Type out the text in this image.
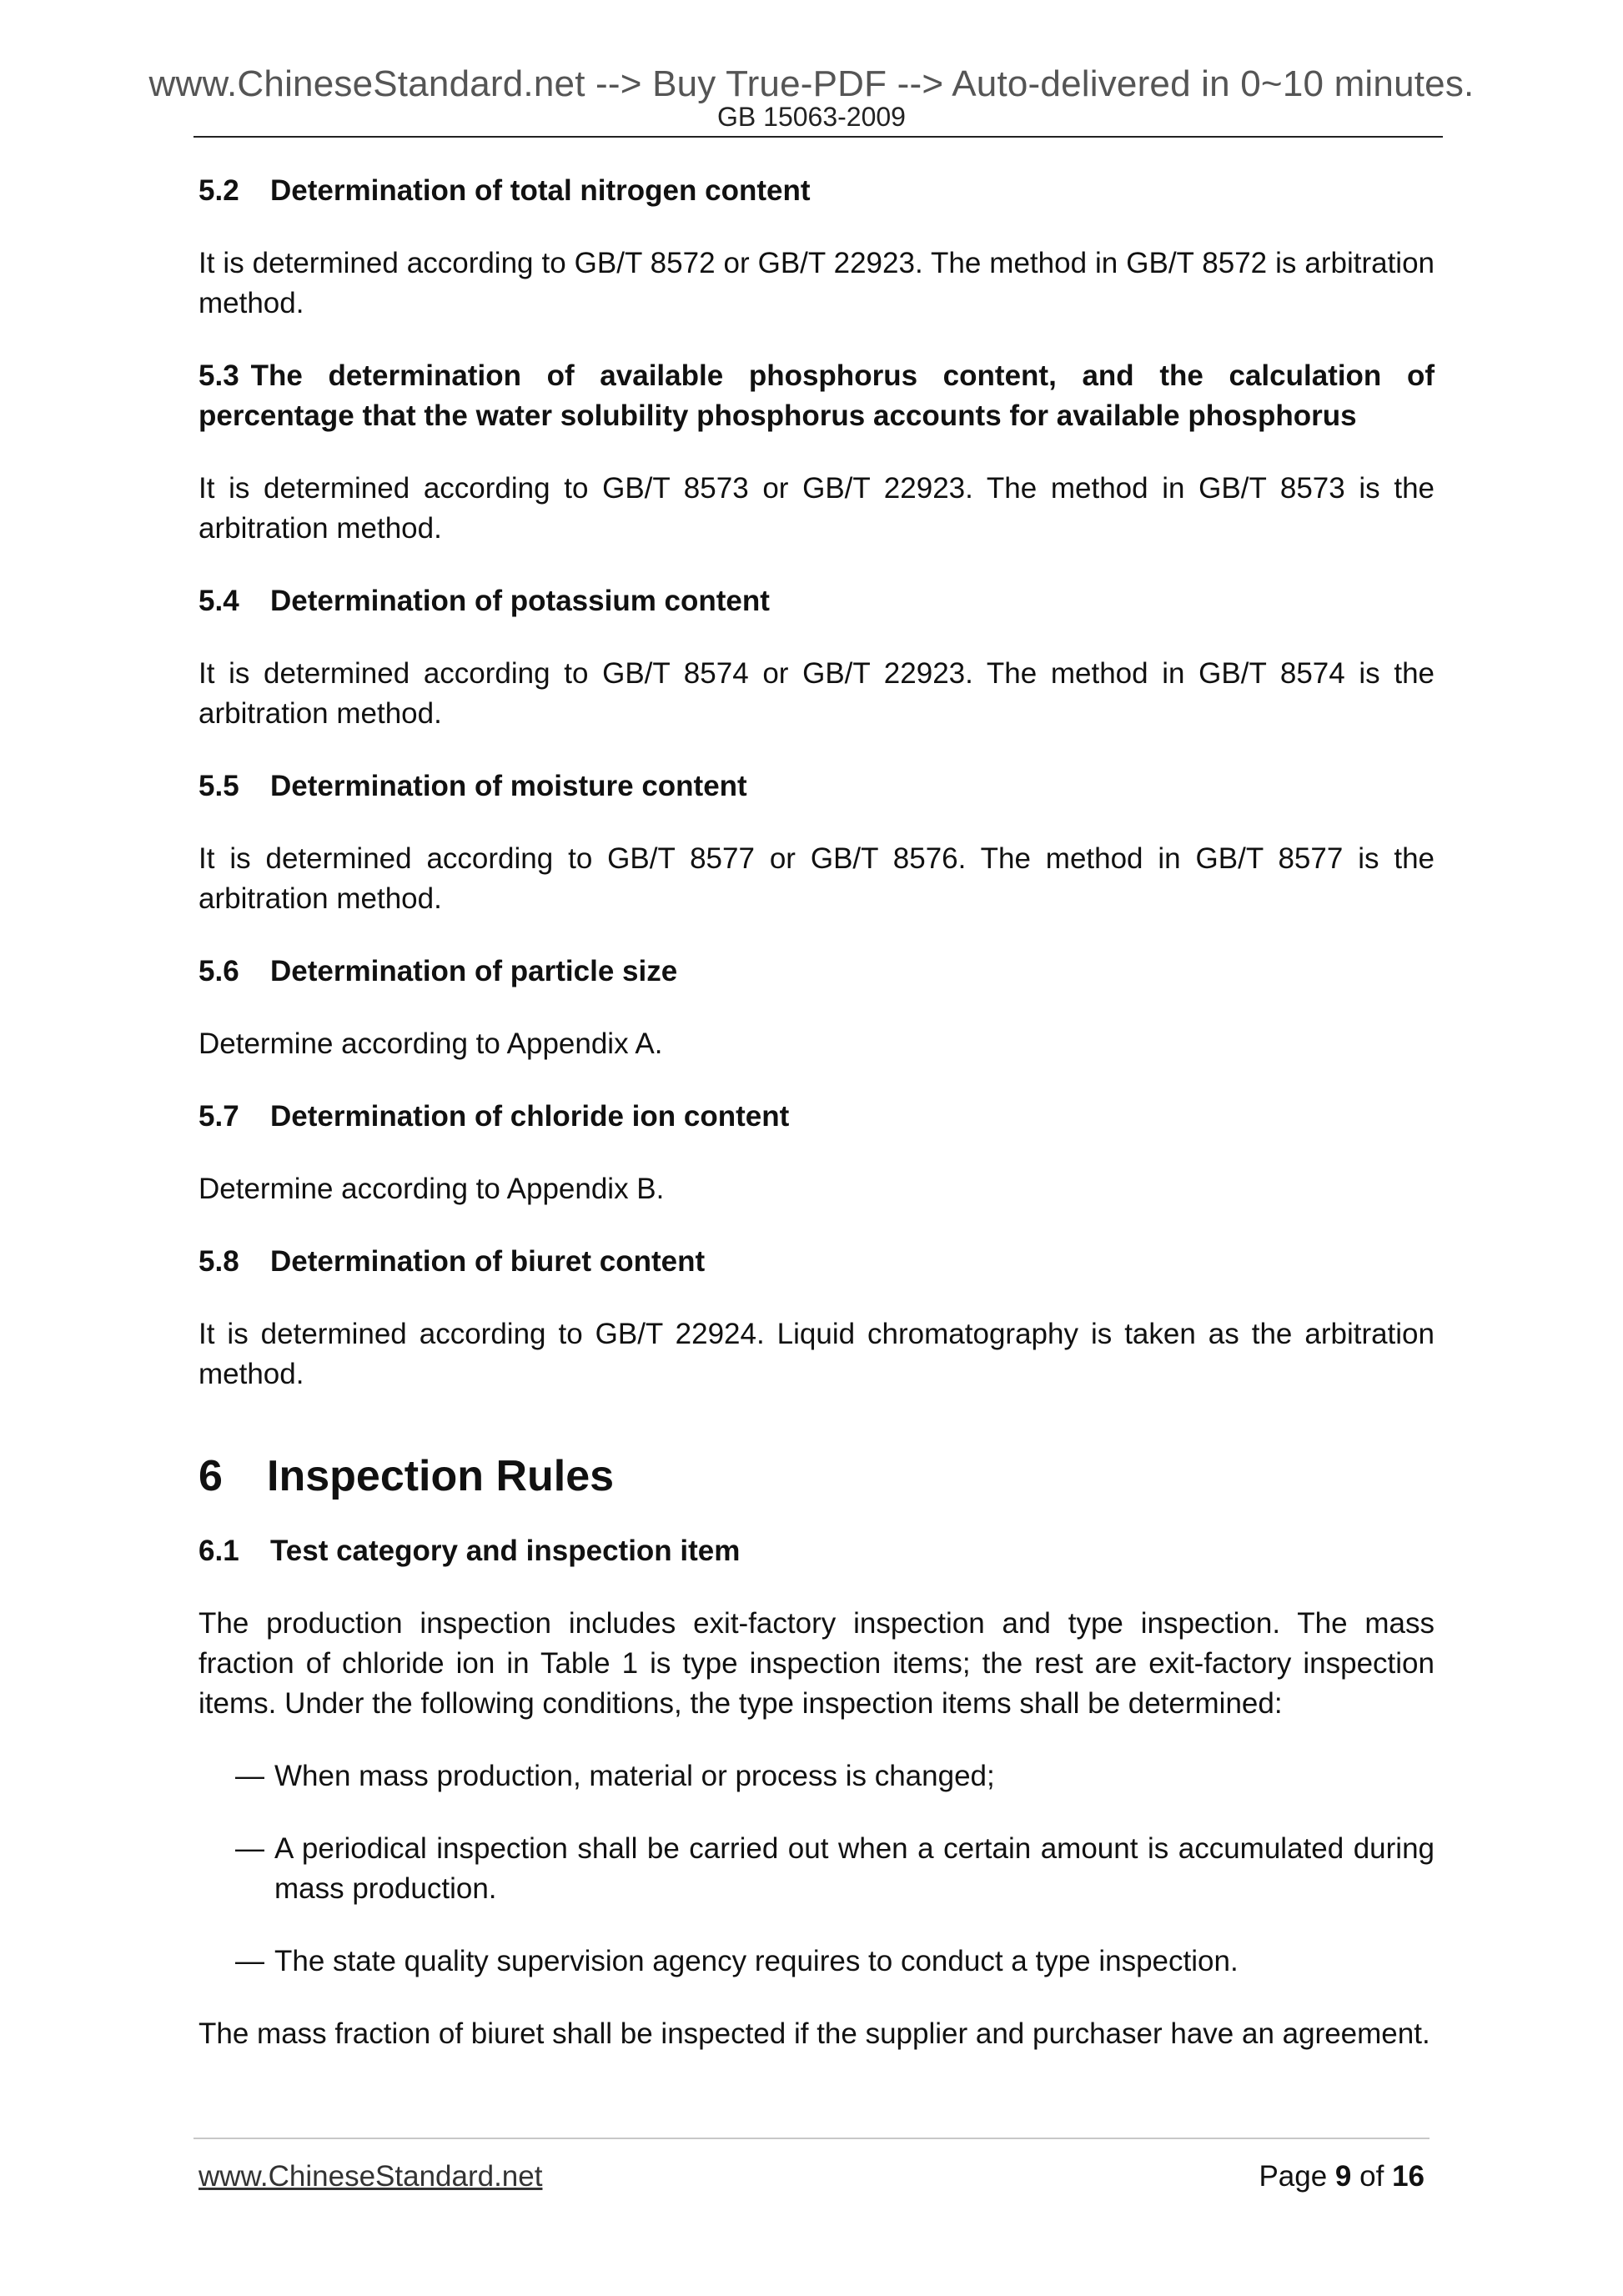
www.ChineseStandard.net --> Buy True-PDF --> Auto-delivered in 0~10 minutes.
GB 15063-2009
5.2 Determination of total nitrogen content
It is determined according to GB/T 8572 or GB/T 22923. The method in GB/T 8572 is arbitration method.
5.3 The determination of available phosphorus content, and the calculation of percentage that the water solubility phosphorus accounts for available phosphorus
It is determined according to GB/T 8573 or GB/T 22923. The method in GB/T 8573 is the arbitration method.
5.4 Determination of potassium content
It is determined according to GB/T 8574 or GB/T 22923. The method in GB/T 8574 is the arbitration method.
5.5 Determination of moisture content
It is determined according to GB/T 8577 or GB/T 8576. The method in GB/T 8577 is the arbitration method.
5.6 Determination of particle size
Determine according to Appendix A.
5.7 Determination of chloride ion content
Determine according to Appendix B.
5.8 Determination of biuret content
It is determined according to GB/T 22924. Liquid chromatography is taken as the arbitration method.
6 Inspection Rules
6.1 Test category and inspection item
The production inspection includes exit-factory inspection and type inspection. The mass fraction of chloride ion in Table 1 is type inspection items; the rest are exit-factory inspection items. Under the following conditions, the type inspection items shall be determined:
— When mass production, material or process is changed;
— A periodical inspection shall be carried out when a certain amount is accumulated during mass production.
— The state quality supervision agency requires to conduct a type inspection.
The mass fraction of biuret shall be inspected if the supplier and purchaser have an agreement.
www.ChineseStandard.net	Page 9 of 16
